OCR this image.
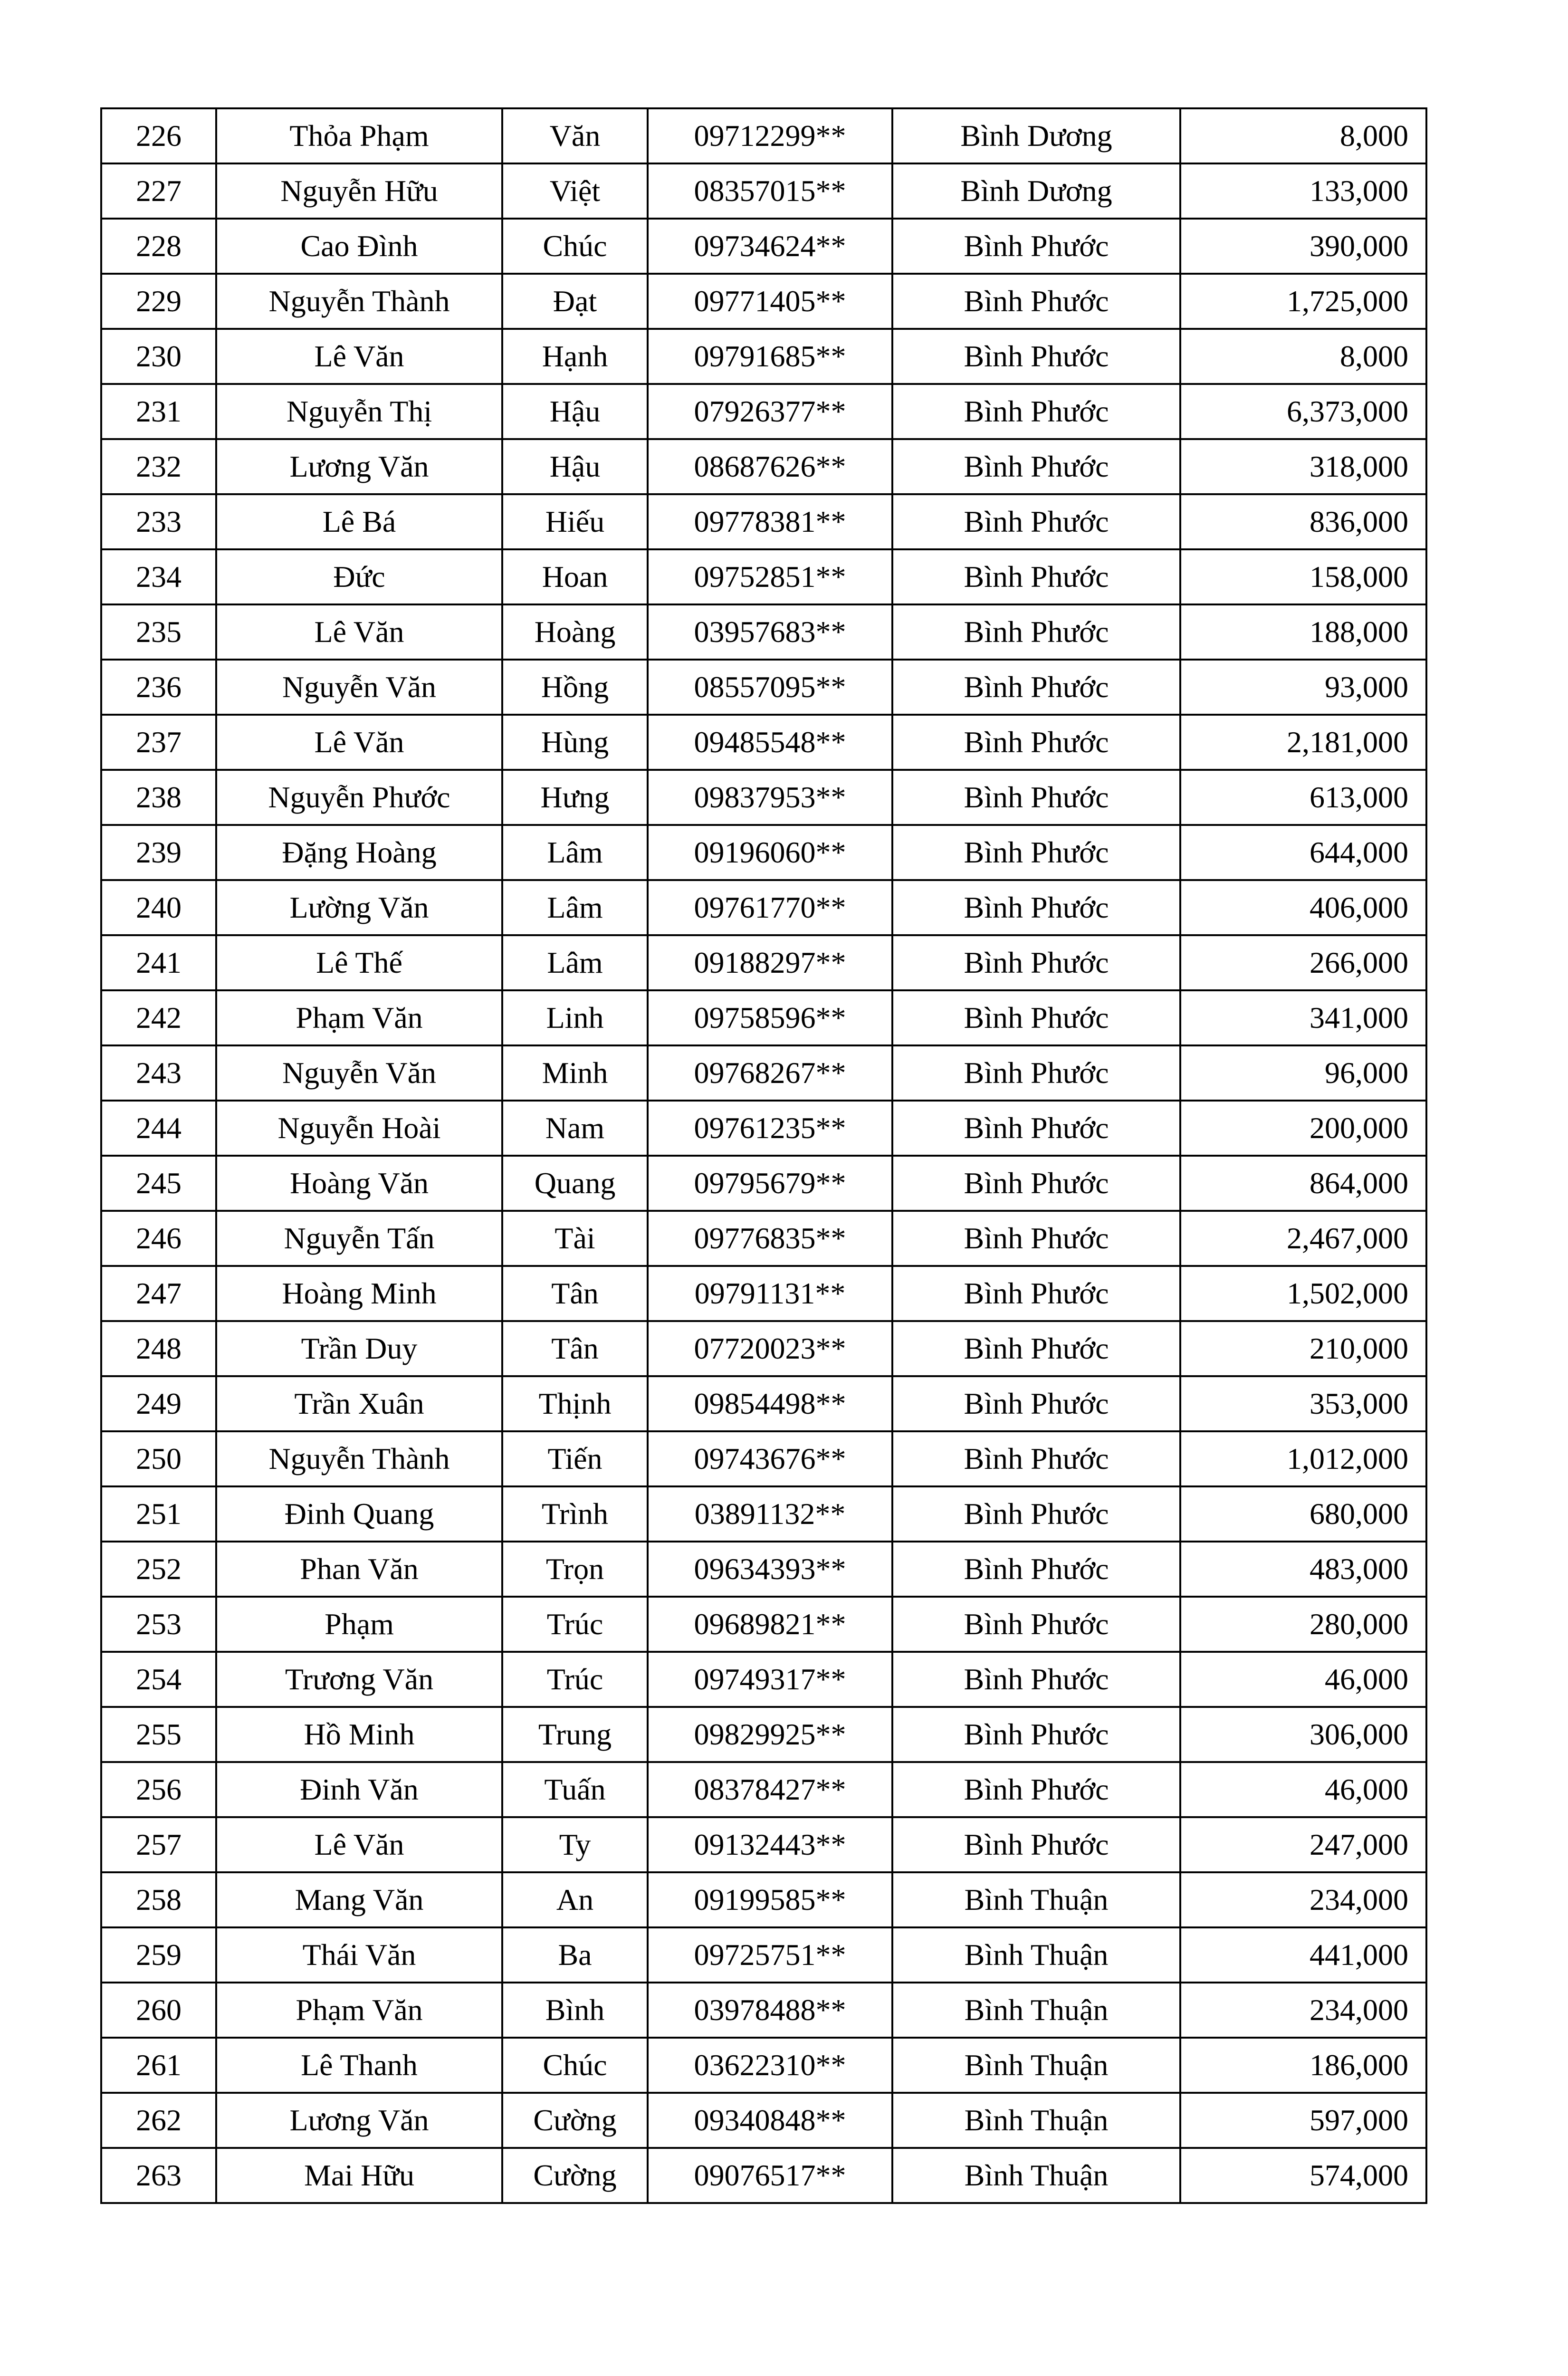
226	Thỏa Phạm	Văn	09712299**	Bình Dương	8,000
227	Nguyễn Hữu	Việt	08357015**	Bình Dương	133,000
228	Cao Đình	Chúc	09734624**	Bình Phước	390,000
229	Nguyễn Thành	Đạt	09771405**	Bình Phước	1,725,000
230	Lê Văn	Hạnh	09791685**	Bình Phước	8,000
231	Nguyễn Thị	Hậu	07926377**	Bình Phước	6,373,000
232	Lương Văn	Hậu	08687626**	Bình Phước	318,000
233	Lê Bá	Hiếu	09778381**	Bình Phước	836,000
234	Đức	Hoan	09752851**	Bình Phước	158,000
235	Lê Văn	Hoàng	03957683**	Bình Phước	188,000
236	Nguyễn Văn	Hồng	08557095**	Bình Phước	93,000
237	Lê Văn	Hùng	09485548**	Bình Phước	2,181,000
238	Nguyễn Phước	Hưng	09837953**	Bình Phước	613,000
239	Đặng Hoàng	Lâm	09196060**	Bình Phước	644,000
240	Lường Văn	Lâm	09761770**	Bình Phước	406,000
241	Lê Thế	Lâm	09188297**	Bình Phước	266,000
242	Phạm Văn	Linh	09758596**	Bình Phước	341,000
243	Nguyễn Văn	Minh	09768267**	Bình Phước	96,000
244	Nguyễn Hoài	Nam	09761235**	Bình Phước	200,000
245	Hoàng Văn	Quang	09795679**	Bình Phước	864,000
246	Nguyễn Tấn	Tài	09776835**	Bình Phước	2,467,000
247	Hoàng Minh	Tân	09791131**	Bình Phước	1,502,000
248	Trần Duy	Tân	07720023**	Bình Phước	210,000
249	Trần Xuân	Thịnh	09854498**	Bình Phước	353,000
250	Nguyễn Thành	Tiến	09743676**	Bình Phước	1,012,000
251	Đinh Quang	Trình	03891132**	Bình Phước	680,000
252	Phan Văn	Trọn	09634393**	Bình Phước	483,000
253	Phạm	Trúc	09689821**	Bình Phước	280,000
254	Trương Văn	Trúc	09749317**	Bình Phước	46,000
255	Hồ Minh	Trung	09829925**	Bình Phước	306,000
256	Đinh Văn	Tuấn	08378427**	Bình Phước	46,000
257	Lê Văn	Ty	09132443**	Bình Phước	247,000
258	Mang Văn	An	09199585**	Bình Thuận	234,000
259	Thái Văn	Ba	09725751**	Bình Thuận	441,000
260	Phạm Văn	Bình	03978488**	Bình Thuận	234,000
261	Lê Thanh	Chúc	03622310**	Bình Thuận	186,000
262	Lương Văn	Cường	09340848**	Bình Thuận	597,000
263	Mai Hữu	Cường	09076517**	Bình Thuận	574,000
